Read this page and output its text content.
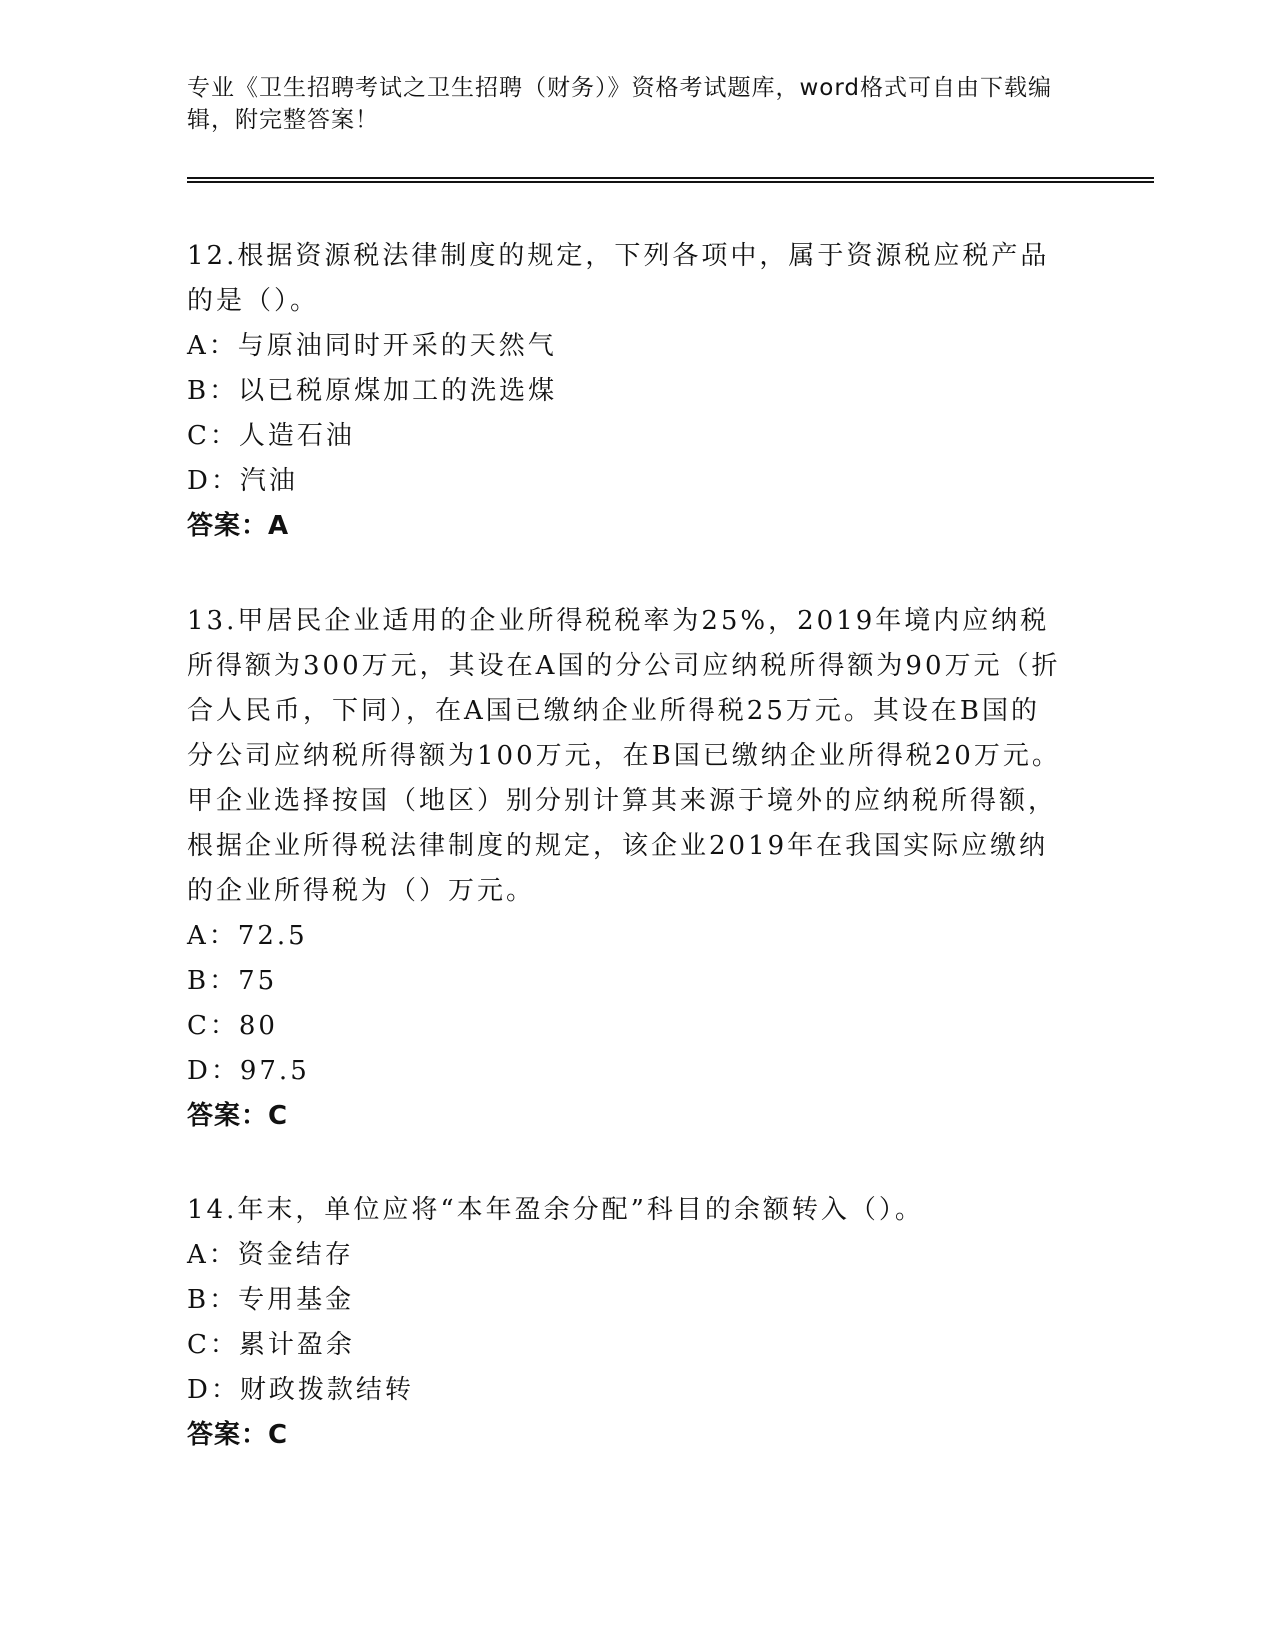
专业《卫生招聘考试之卫生招聘（财务）》资格考试题库，word格式可自由下载编辑，附完整答案！

12.根据资源税法律制度的规定，下列各项中，属于资源税应税产品的是（）。

A：与原油同时开采的天然气

B：以已税原煤加工的洗选煤

C：人造石油

D：汽油

答案：A

13.甲居民企业适用的企业所得税税率为25%，2019年境内应纳税所得额为300万元，其设在A国的分公司应纳税所得额为90万元（折合人民币，下同），在A国已缴纳企业所得税25万元。其设在B国的分公司应纳税所得额为100万元，在B国已缴纳企业所得税20万元。甲企业选择按国（地区）别分别计算其来源于境外的应纳税所得额，根据企业所得税法律制度的规定，该企业2019年在我国实际应缴纳的企业所得税为（）万元。

A：72.5

B：75

C：80

D：97.5

答案：C

14.年末，单位应将“本年盈余分配”科目的余额转入（）。

A：资金结存

B：专用基金

C：累计盈余

D：财政拨款结转

答案：C
